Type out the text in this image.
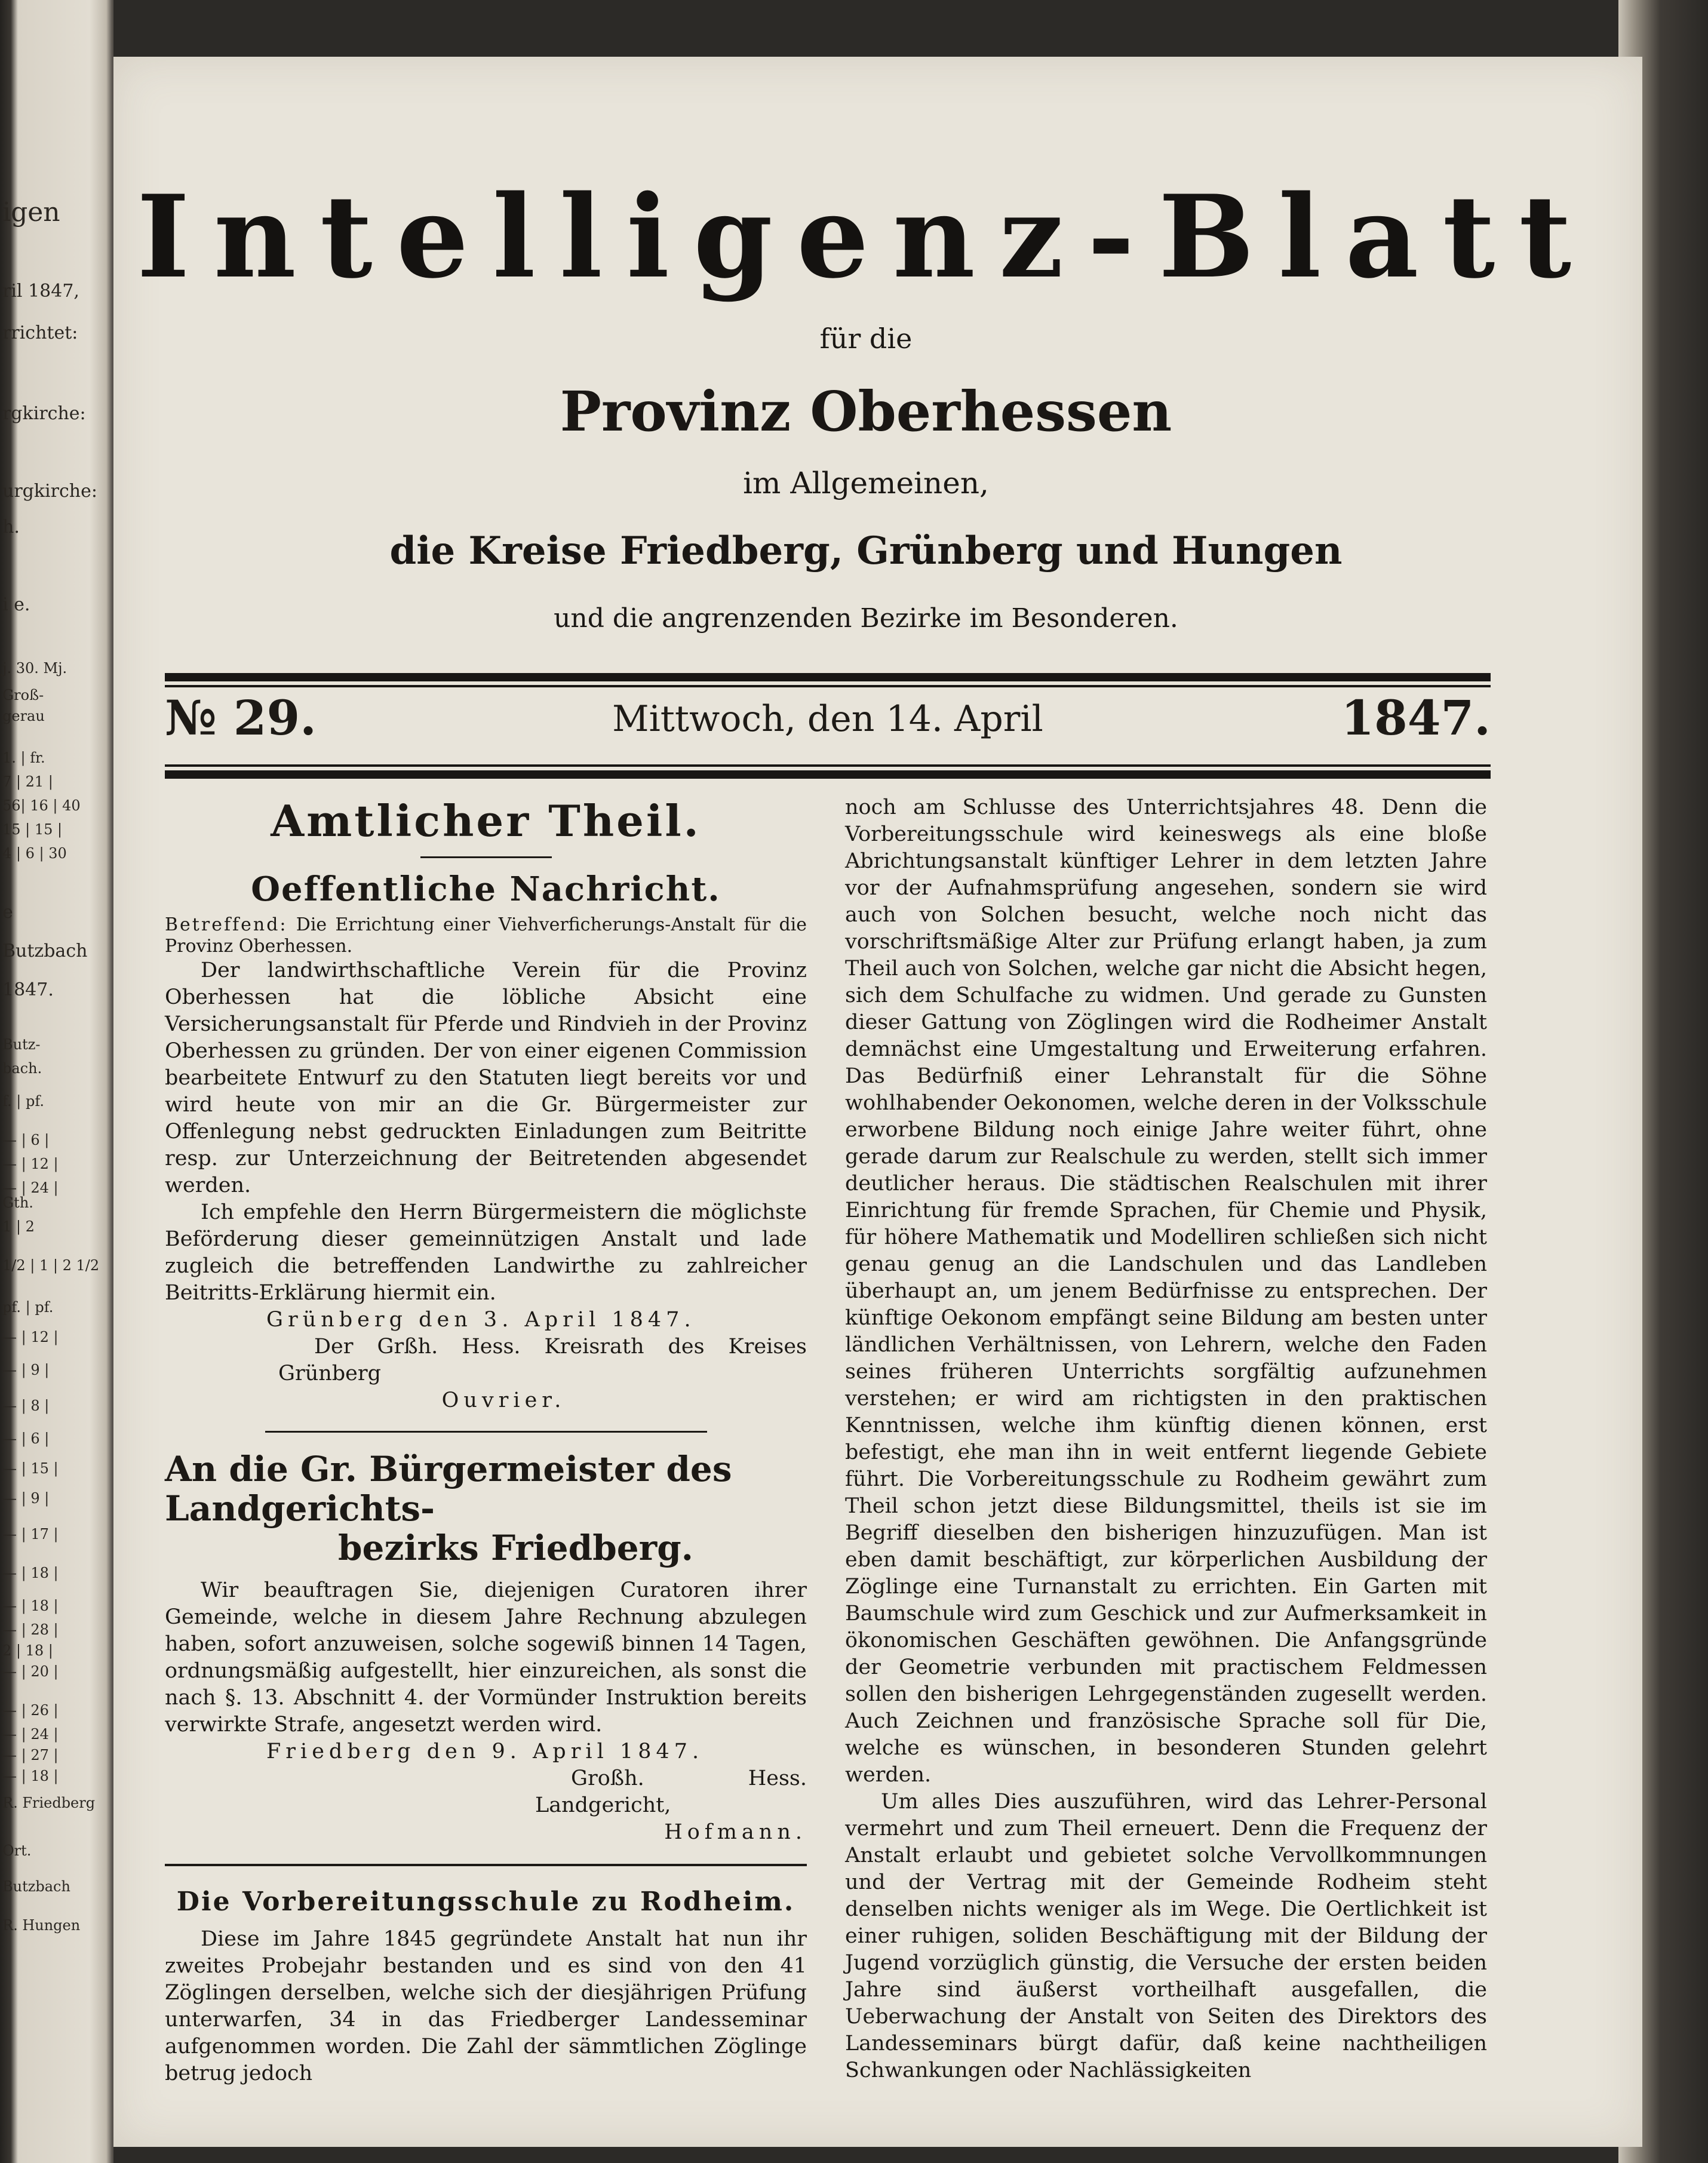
igen
ril 1847,
rrichtet:
rgkirche:
urgkirche:
h.
i e.
j. 30. Mj.
Groß-
gerau
1. | fr.
7 | 21 |
56| 16 | 40
15 | 15 |
4 | 6 | 30
e
Butzbach
1847.
Butz-
bach.
f. | pf.
— | 6 |
— | 12 |
— | 24 |
Gth.
1 | 2
1/2 | 1 | 2 1/2
pf. | pf.
— | 12 |
— | 9 |
— | 8 |
— | 6 |
— | 15 |
— | 9 |
— | 17 |
— | 18 |
— | 18 |
— | 28 |
2 | 18 |
— | 20 |
— | 26 |
— | 24 |
— | 27 |
— | 18 |
R. Friedberg
Ort.
Butzbach
R. Hungen
Intelligenz-Blatt
für die
Provinz Oberhessen
im Allgemeinen,
die Kreise Friedberg, Grünberg und Hungen
und die angrenzenden Bezirke im Besonderen.
№ 29.	Mittwoch, den 14. April	1847.
Amtlicher Theil.
Oeffentliche Nachricht.

Betreffend: Die Errichtung einer Viehverficherungs-Anstalt für die Provinz Oberhessen.

Der landwirthschaftliche Verein für die Provinz Oberhessen hat die löbliche Absicht eine Versicherungsanstalt für Pferde und Rindvieh in der Provinz Oberhessen zu gründen. Der von einer eigenen Commission bearbeitete Entwurf zu den Statuten liegt bereits vor und wird heute von mir an die Gr. Bürgermeister zur Offenlegung nebst gedruckten Einladungen zum Beitritte resp. zur Unterzeichnung der Beitretenden abgesendet werden.

Ich empfehle den Herrn Bürgermeistern die möglichste Beförderung dieser gemeinnützigen Anstalt und lade zugleich die betreffenden Landwirthe zu zahlreicher Beitritts-Erklärung hiermit ein.

Grünberg den 3. April 1847.

Der Grßh. Hess. Kreisrath des Kreises Grünberg

Ouvrier.

An die Gr. Bürgermeister des Landgerichts-
bezirks Friedberg.

Wir beauftragen Sie, diejenigen Curatoren ihrer Gemeinde, welche in diesem Jahre Rechnung abzulegen haben, sofort anzuweisen, solche sogewiß binnen 14 Tagen, ordnungsmäßig aufgestellt, hier einzureichen, als sonst die nach §. 13. Abschnitt 4. der Vormünder Instruktion bereits verwirkte Strafe, angesetzt werden wird.

Friedberg den 9. April 1847.

Großh. Hess. Landgericht,

Hofmann.

Die Vorbereitungsschule zu Rodheim.

Diese im Jahre 1845 gegründete Anstalt hat nun ihr zweites Probejahr bestanden und es sind von den 41 Zöglingen derselben, welche sich der diesjährigen Prüfung unterwarfen, 34 in das Friedberger Landesseminar aufgenommen worden. Die Zahl der sämmtlichen Zöglinge betrug jedoch

noch am Schlusse des Unterrichtsjahres 48. Denn die Vorbereitungsschule wird keineswegs als eine bloße Abrichtungsanstalt künftiger Lehrer in dem letzten Jahre vor der Aufnahmsprüfung angesehen, sondern sie wird auch von Solchen besucht, welche noch nicht das vorschriftsmäßige Alter zur Prüfung erlangt haben, ja zum Theil auch von Solchen, welche gar nicht die Absicht hegen, sich dem Schulfache zu widmen. Und gerade zu Gunsten dieser Gattung von Zöglingen wird die Rodheimer Anstalt demnächst eine Umgestaltung und Erweiterung erfahren. Das Bedürfniß einer Lehranstalt für die Söhne wohlhabender Oekonomen, welche deren in der Volksschule erworbene Bildung noch einige Jahre weiter führt, ohne gerade darum zur Realschule zu werden, stellt sich immer deutlicher heraus. Die städtischen Realschulen mit ihrer Einrichtung für fremde Sprachen, für Chemie und Physik, für höhere Mathematik und Modelliren schließen sich nicht genau genug an die Landschulen und das Landleben überhaupt an, um jenem Bedürfnisse zu entsprechen. Der künftige Oekonom empfängt seine Bildung am besten unter ländlichen Verhältnissen, von Lehrern, welche den Faden seines früheren Unterrichts sorgfältig aufzunehmen verstehen; er wird am richtigsten in den praktischen Kenntnissen, welche ihm künftig dienen können, erst befestigt, ehe man ihn in weit entfernt liegende Gebiete führt. Die Vorbereitungsschule zu Rodheim gewährt zum Theil schon jetzt diese Bildungsmittel, theils ist sie im Begriff dieselben den bisherigen hinzuzufügen. Man ist eben damit beschäftigt, zur körperlichen Ausbildung der Zöglinge eine Turnanstalt zu errichten. Ein Garten mit Baumschule wird zum Geschick und zur Aufmerksamkeit in ökonomischen Geschäften gewöhnen. Die Anfangsgründe der Geometrie verbunden mit practischem Feldmessen sollen den bisherigen Lehrgegenständen zugesellt werden. Auch Zeichnen und französische Sprache soll für Die, welche es wünschen, in besonderen Stunden gelehrt werden.

Um alles Dies auszuführen, wird das Lehrer-Personal vermehrt und zum Theil erneuert. Denn die Frequenz der Anstalt erlaubt und gebietet solche Vervollkommnungen und der Vertrag mit der Gemeinde Rodheim steht denselben nichts weniger als im Wege. Die Oertlichkeit ist einer ruhigen, soliden Beschäftigung mit der Bildung der Jugend vorzüglich günstig, die Versuche der ersten beiden Jahre sind äußerst vortheilhaft ausgefallen, die Ueberwachung der Anstalt von Seiten des Direktors des Landesseminars bürgt dafür, daß keine nachtheiligen Schwankungen oder Nachlässigkeiten
